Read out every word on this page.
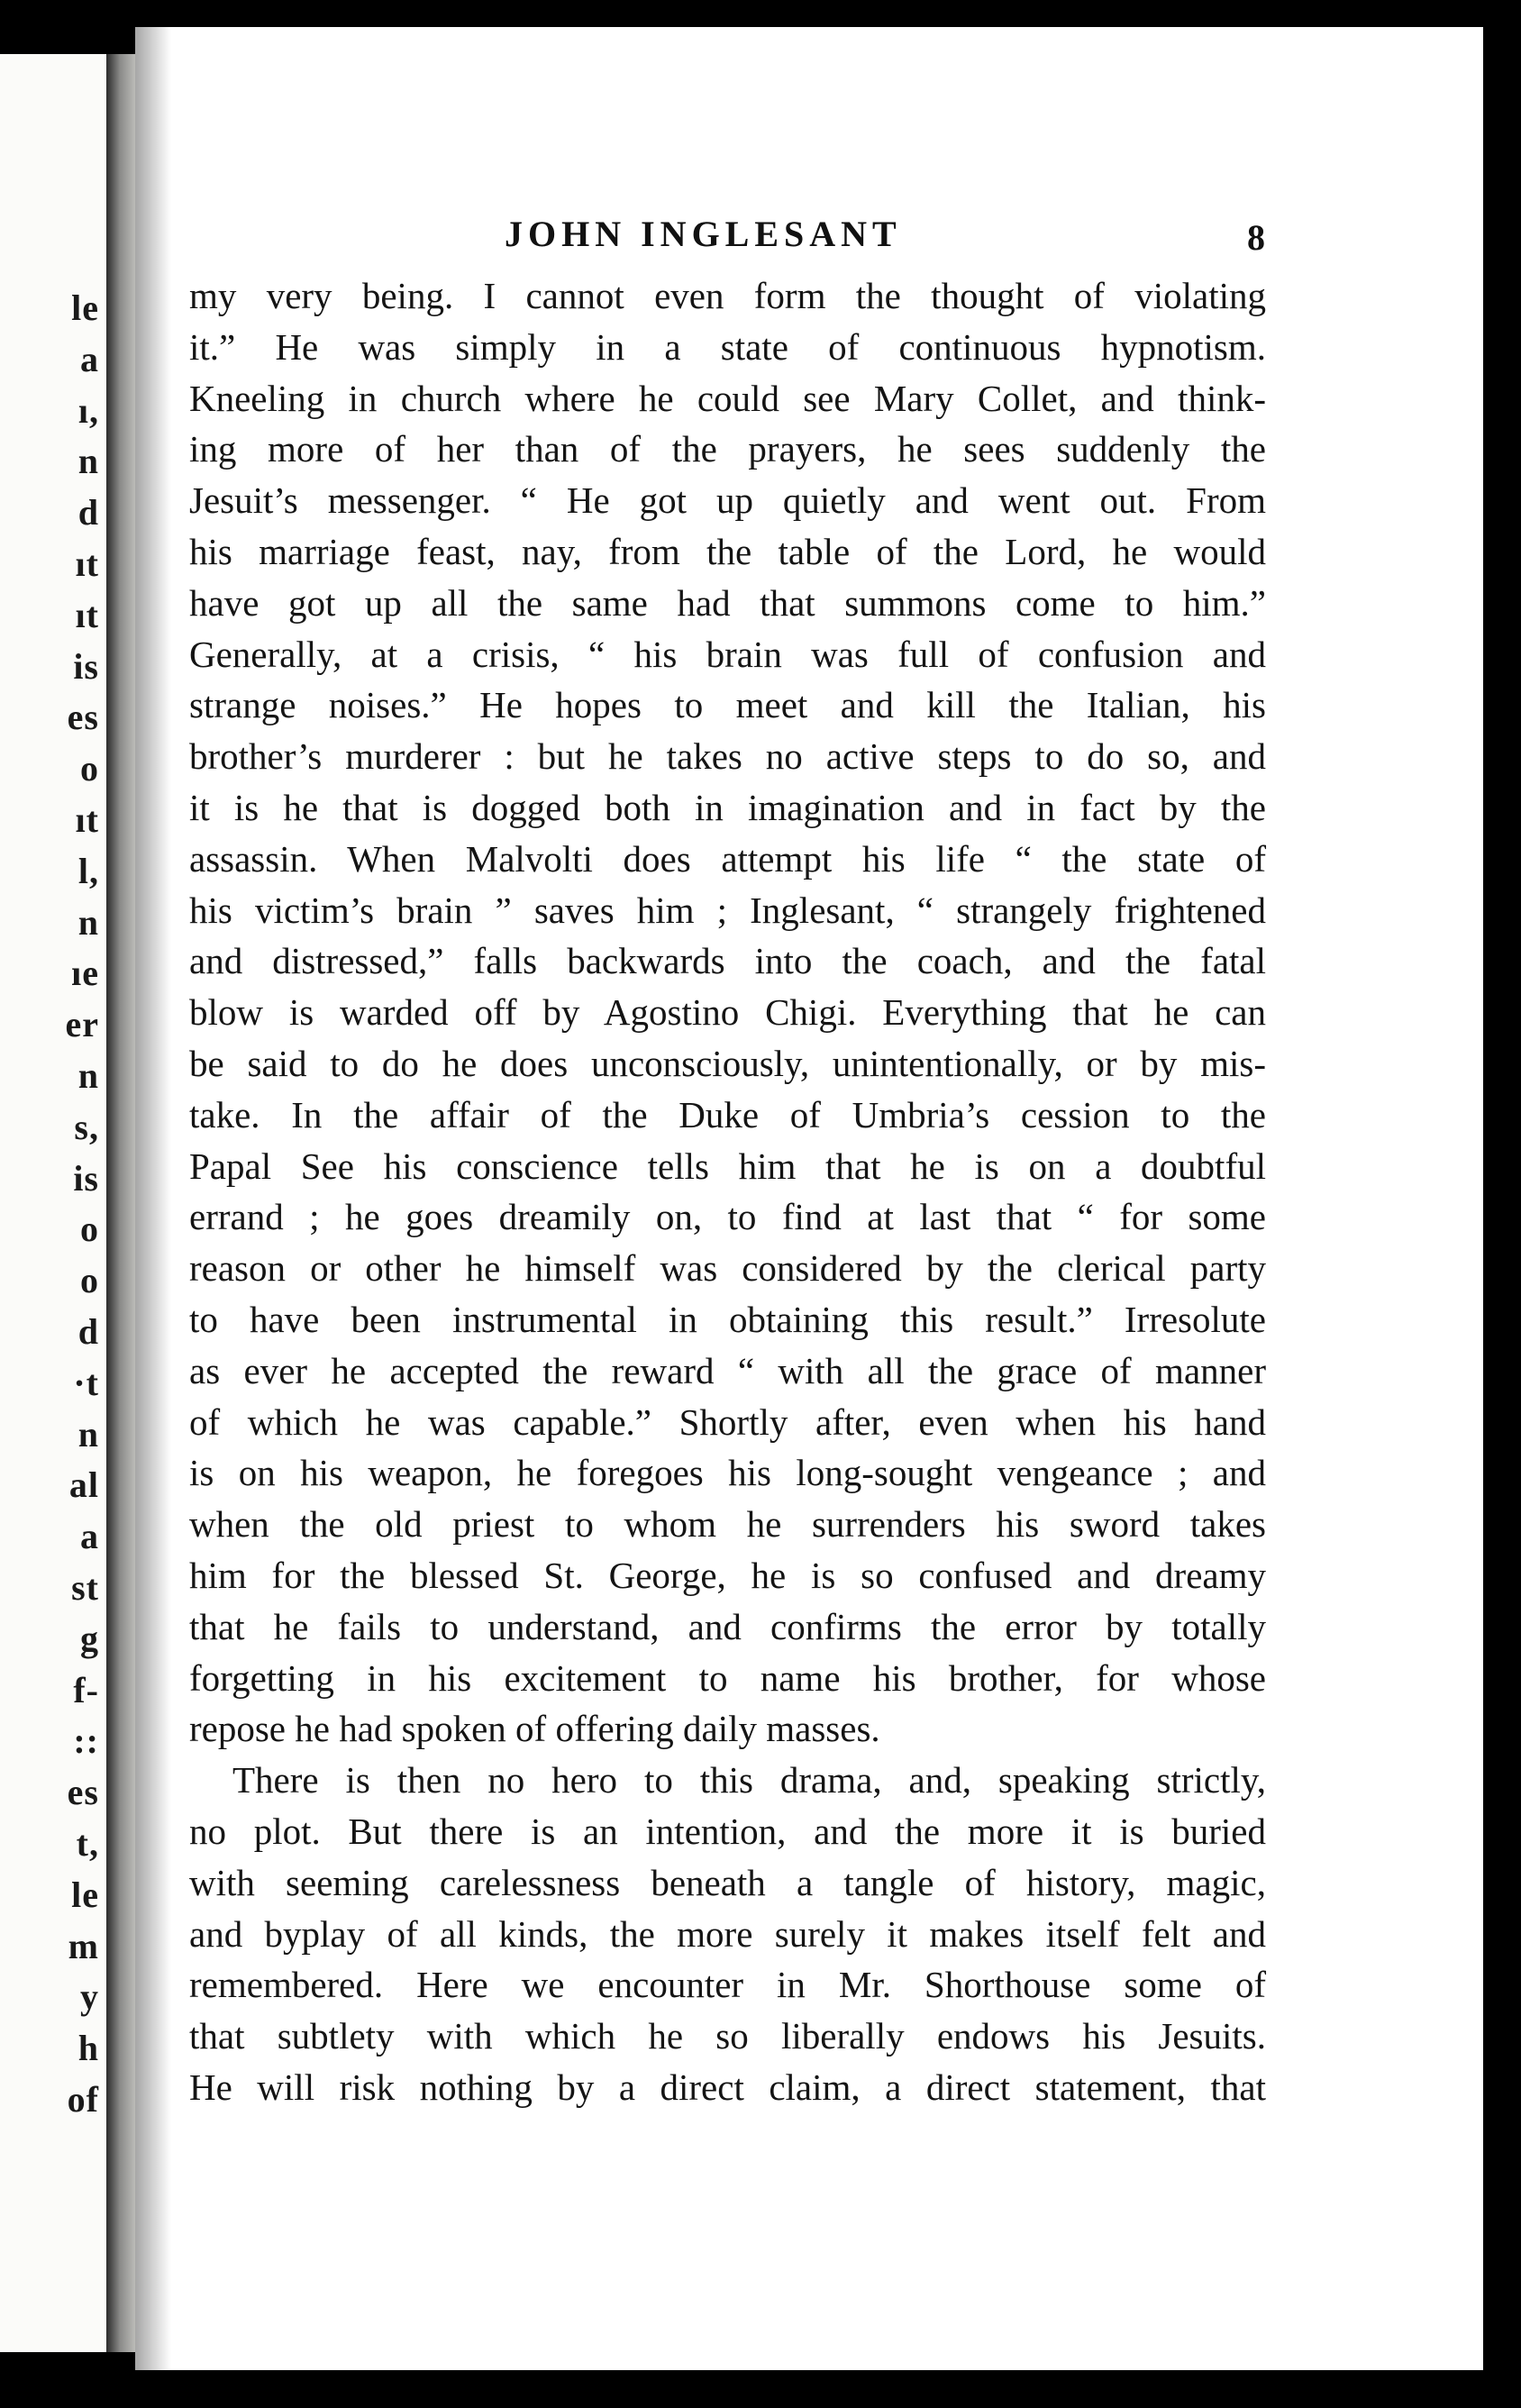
le
a
ı,
n
d
ıt
ıt
is
es
o
ıt
l,
n
ıe
er
n
s,
is
o
o
d
·t
n
al
a
st
g
f-
::
es
t,
le
m
y
h
of
JOHN INGLESANT	8
my very being. I cannot even form the thought of violating
it.” He was simply in a state of continuous hypnotism.
Kneeling in church where he could see Mary Collet, and think-
ing more of her than of the prayers, he sees suddenly the
Jesuit’s messenger. “ He got up quietly and went out. From
his marriage feast, nay, from the table of the Lord, he would
have got up all the same had that summons come to him.”
Generally, at a crisis, “ his brain was full of confusion and
strange noises.” He hopes to meet and kill the Italian, his
brother’s murderer : but he takes no active steps to do so, and
it is he that is dogged both in imagination and in fact by the
assassin. When Malvolti does attempt his life “ the state of
his victim’s brain ” saves him ; Inglesant, “ strangely frightened
and distressed,” falls backwards into the coach, and the fatal
blow is warded off by Agostino Chigi. Everything that he can
be said to do he does unconsciously, unintentionally, or by mis-
take. In the affair of the Duke of Umbria’s cession to the
Papal See his conscience tells him that he is on a doubtful
errand ; he goes dreamily on, to find at last that “ for some
reason or other he himself was considered by the clerical party
to have been instrumental in obtaining this result.” Irresolute
as ever he accepted the reward “ with all the grace of manner
of which he was capable.” Shortly after, even when his hand
is on his weapon, he foregoes his long-sought vengeance ; and
when the old priest to whom he surrenders his sword takes
him for the blessed St. George, he is so confused and dreamy
that he fails to understand, and confirms the error by totally
forgetting in his excitement to name his brother, for whose
repose he had spoken of offering daily masses.
There is then no hero to this drama, and, speaking strictly,
no plot. But there is an intention, and the more it is buried
with seeming carelessness beneath a tangle of history, magic,
and byplay of all kinds, the more surely it makes itself felt and
remembered. Here we encounter in Mr. Shorthouse some of
that subtlety with which he so liberally endows his Jesuits.
He will risk nothing by a direct claim, a direct statement, that
